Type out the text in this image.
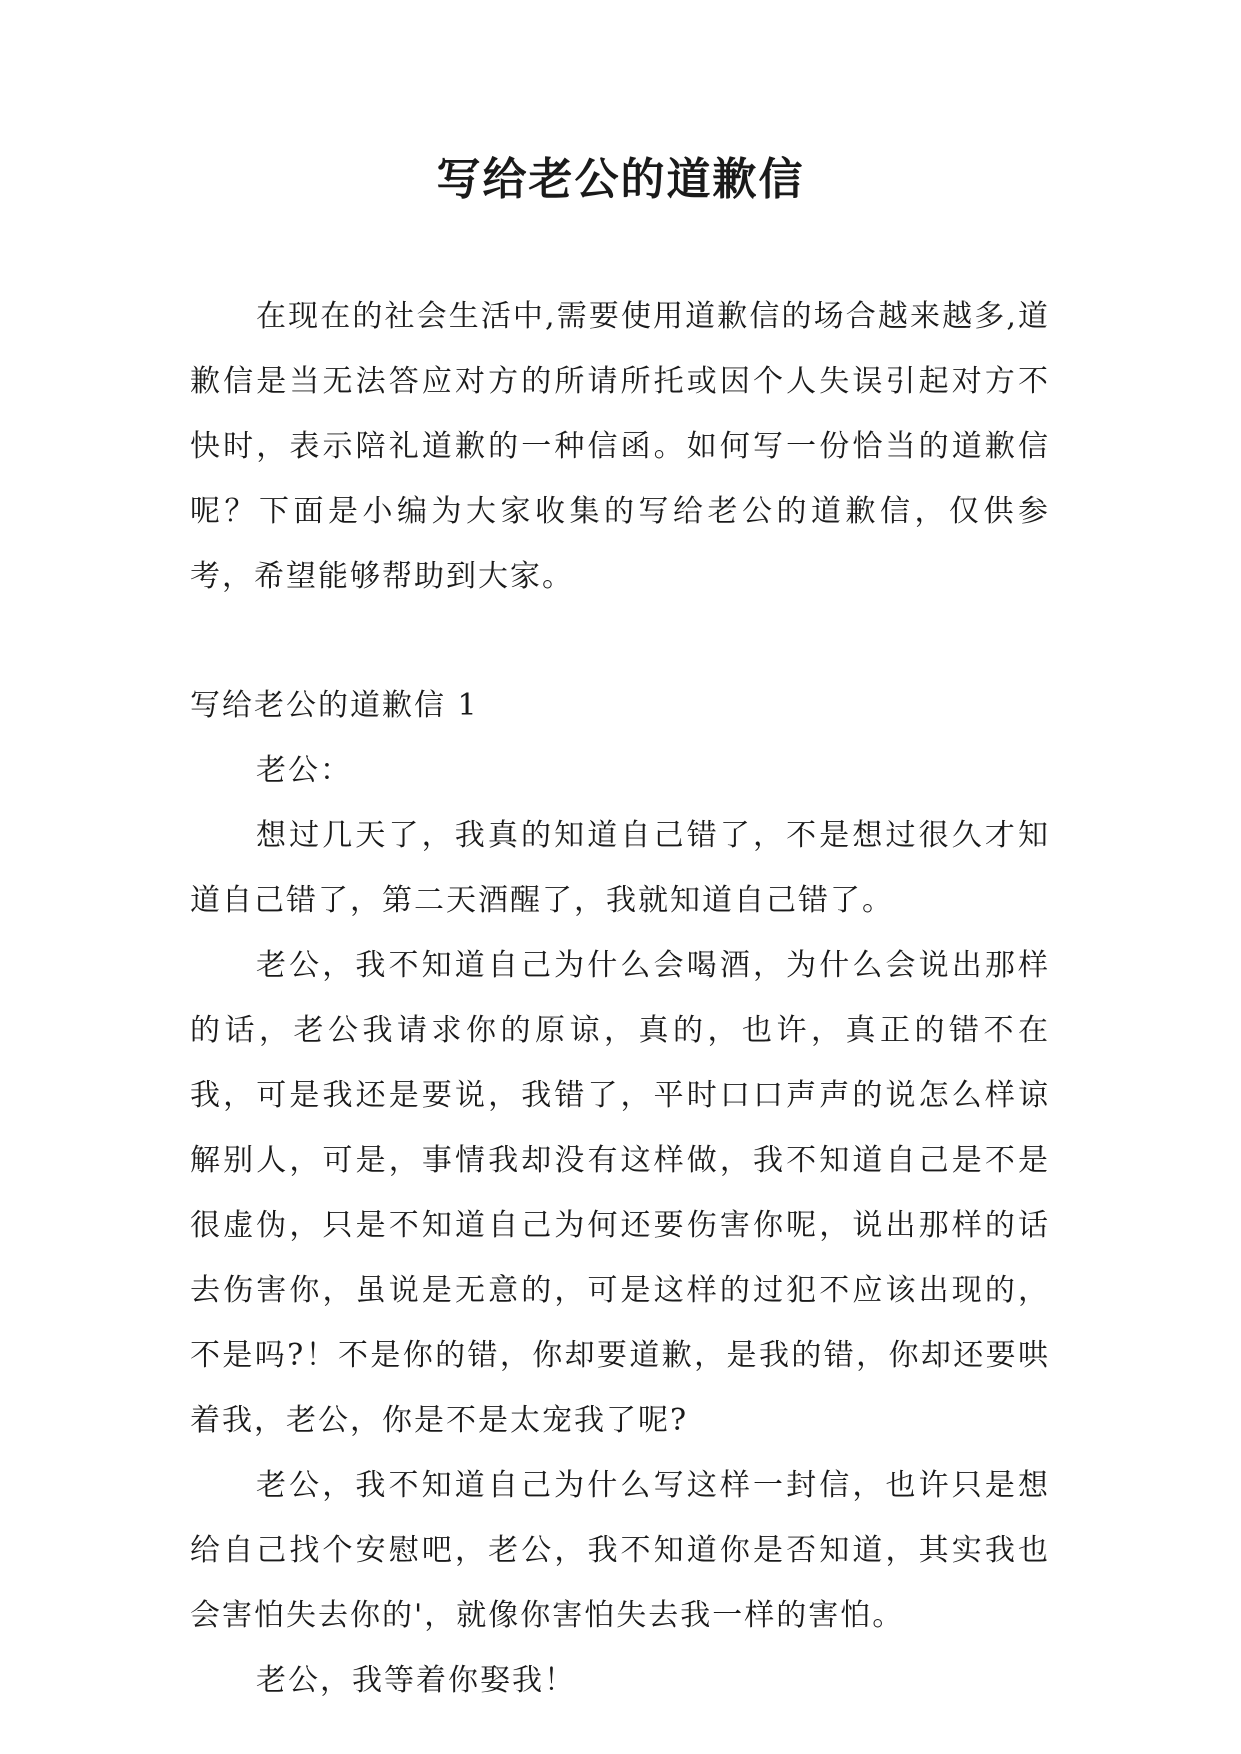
写给老公的道歉信

在现在的社会生活中,需要使用道歉信的场合越来越多,道歉信是当无法答应对方的所请所托或因个人失误引起对方不快时，表示陪礼道歉的一种信函。如何写一份恰当的道歉信呢？下面是小编为大家收集的写给老公的道歉信，仅供参考，希望能够帮助到大家。

写给老公的道歉信 1

老公：

想过几天了，我真的知道自己错了，不是想过很久才知道自己错了，第二天酒醒了，我就知道自己错了。

老公，我不知道自己为什么会喝酒，为什么会说出那样的话，老公我请求你的原谅，真的，也许，真正的错不在我，可是我还是要说，我错了，平时口口声声的说怎么样谅解别人，可是，事情我却没有这样做，我不知道自己是不是很虚伪，只是不知道自己为何还要伤害你呢，说出那样的话去伤害你，虽说是无意的，可是这样的过犯不应该出现的，不是吗?！不是你的错，你却要道歉，是我的错，你却还要哄着我，老公，你是不是太宠我了呢?

老公，我不知道自己为什么写这样一封信，也许只是想给自己找个安慰吧，老公，我不知道你是否知道，其实我也会害怕失去你的'，就像你害怕失去我一样的害怕。

老公，我等着你娶我！
